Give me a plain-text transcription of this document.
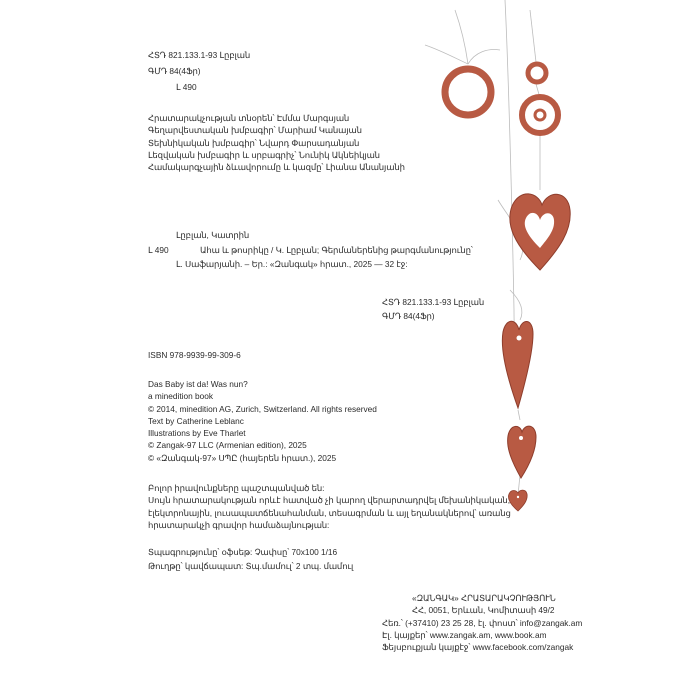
ՀՏԴ 821.133.1-93 Լըբլան
ԳՄԴ 84(4Ֆր)
Լ 490
Հրատարակչության տնօրեն՝ Էմմա Մարգսյան
Գեղարվեստական խմբագիր՝ Մարիամ Կանայան
Տեխնիկական խմբագիր՝ Նվարդ Փարսադանյան
Լեզվական խմբագիր և սրբագրիչ՝ Նունիկ Ակնեիկյան
Համակարգչային ձևավորումը և կազմը՝ Լիանա Անանյանի
Լըբլան, Կատրին
Լ 490	Ահա և թոսրիկը / Կ. Լըբլան; Գերմաներենից թարգմանությունը՝
Լ. Սաֆարյանի. – Եր.: «Զանգակ» հրատ., 2025 — 32 էջ:
ՀՏԴ 821.133.1-93 Լըբլան
ԳՄԴ 84(4Ֆր)
ISBN 978-9939-99-309-6
Das Baby ist da! Was nun?
a minedition book
© 2014, minedition AG, Zurich, Switzerland. All rights reserved
Text by Catherine Leblanc
Illustrations by Eve Tharlet
© Zangak-97 LLC (Armenian edition), 2025
© «Զանգակ-97» ՍՊԸ (հայերեն հրատ.), 2025
Բոլոր իրավունքները պաշտպանված են:
Սույն հրատարակության որևէ հատված չի կարող վերարտադրվել մեխանիկական,
էլեկտրոնային, լուսապատճենահանման, տեսագրման և այլ եղանակներով՝ առանց
հրատարակչի գրավոր համաձայնության:
Տպագրությունը՝ օֆսեթ: Չափսը՝ 70x100 1/16
Թուղթը՝ կավճապատ: Տպ.մամուլ՝ 2 տպ. մամուլ
«ԶԱՆԳԱԿ» ՀՐԱՏԱՐԱԿՉՈՒԹՅՈՒՆ
ՀՀ, 0051, Երևան, Կոմիտասի 49/2
Հեռ.՝ (+37410) 23 25 28, էլ. փոստ՝ info@zangak.am
Էլ. կայքեր՝ www.zangak.am, www.book.am
Ֆեյսբուքյան կայքէջ՝ www.facebook.com/zangak
